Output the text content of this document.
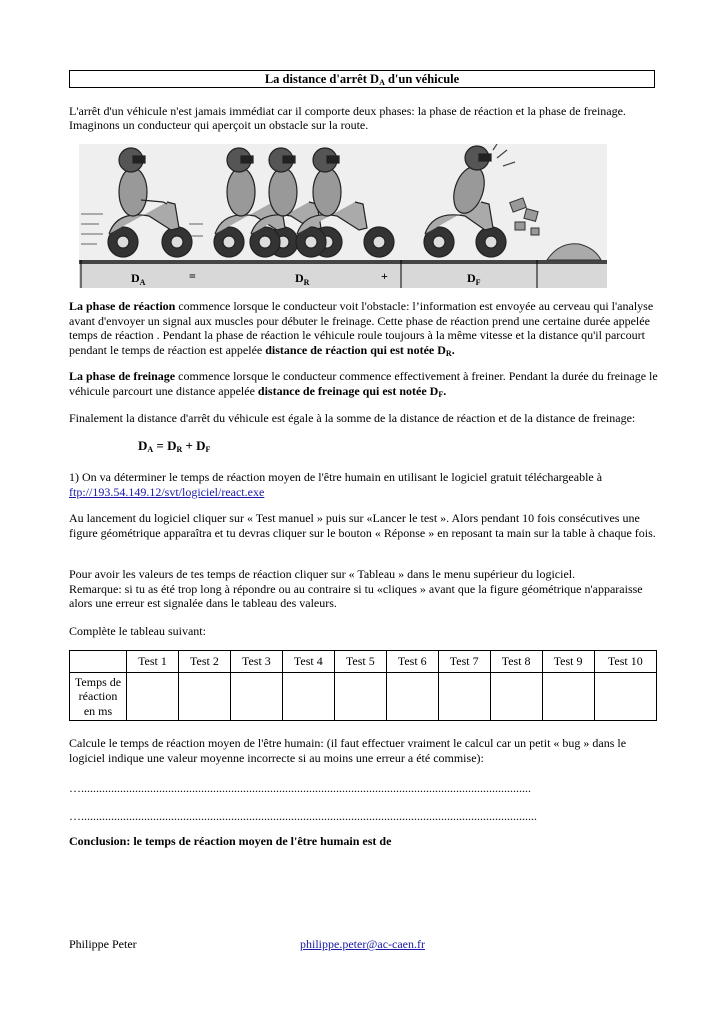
La distance d'arrêt $D_A$ d'un véhicule

L'arrêt d'un véhicule n'est jamais immédiat car il comporte deux phases: la phase de réaction et la phase de freinage.

Imaginons un conducteur qui aperçoit un obstacle sur la route.

$D_A$	=	$D_R$	+	$D_F$

La phase de réaction commence lorsque le conducteur voit l'obstacle: l’information est envoyée au cerveau qui l'analyse avant d'envoyer un signal aux muscles pour débuter le freinage. Cette phase de réaction prend une certaine durée appelée temps de réaction . Pendant la phase de réaction le véhicule roule toujours à la même vitesse et la distance qu'il parcourt pendant le temps de réaction est appelée distance de réaction qui est notée $D_R$.

La phase de freinage commence lorsque le conducteur commence effectivement à freiner. Pendant la durée du freinage le véhicule parcourt une distance appelée distance de freinage qui est notée $D_F$.

Finalement la distance d'arrêt du véhicule est égale à la somme de la distance de réaction et de la distance de freinage:

$D_A = D_R + D_F$

1) On va déterminer le temps de réaction moyen de l'être humain en utilisant le logiciel gratuit téléchargeable à
ftp://193.54.149.12/svt/logiciel/react.exe

Au lancement du logiciel cliquer sur « Test manuel » puis sur «Lancer le test ». Alors pendant 10 fois consécutives une figure géométrique apparaîtra et tu devras cliquer sur le bouton « Réponse » en reposant ta main sur la table à chaque fois.

Pour avoir les valeurs de tes temps de réaction cliquer sur « Tableau » dans le menu supérieur du logiciel.
Remarque: si tu as été trop long à répondre ou au contraire si tu «cliques » avant que la figure géométrique n'apparaisse alors une erreur est signalée dans le tableau des valeurs.

Complète le tableau suivant:

	Test 1	Test 2	Test 3	Test 4	Test 5	Test 6	Test 7	Test 8	Test 9	Test 10
Temps de
réaction
en ms										

Calcule le temps de réaction moyen de l'être humain: (il faut effectuer vraiment le calcul car un petit « bug » dans le logiciel indique une valeur moyenne incorrecte si au moins une erreur a été commise):

…......................................................................................................................................................
…........................................................................................................................................................

Conclusion: le temps de réaction moyen de l'être humain est de

Philippe Peter	philippe.peter@ac-caen.fr
